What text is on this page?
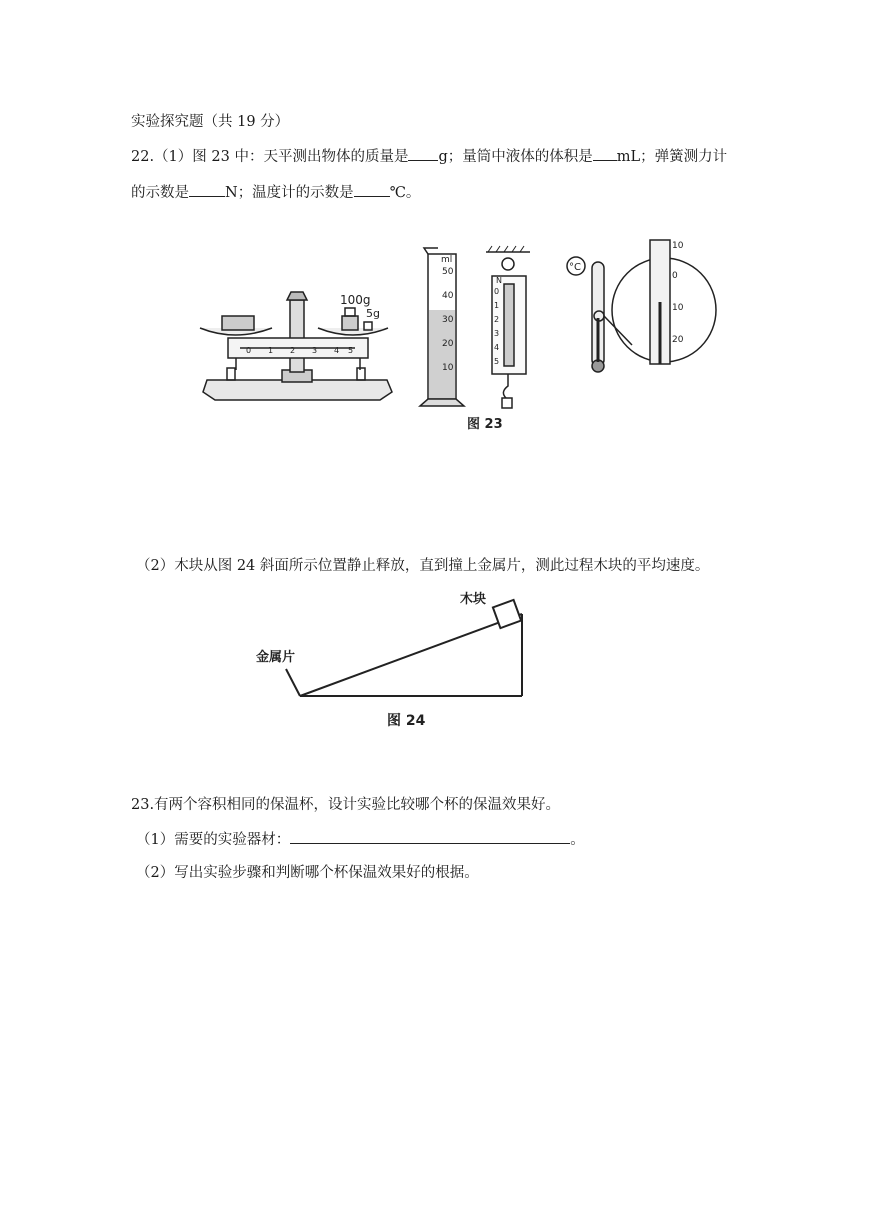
实验探究题（共 19 分）
22.（1）图 23 中：天平测出物体的质量是 g；量筒中液体的体积是 mL；弹簧测力计
的示数是 N；温度计的示数是 ℃。
100g
5g
0 1 2 3 4 5
ml
50
40
30
20
10
N
0
1
2
3
4
5
°C
10
0
10
20
图 23
（2）木块从图 24 斜面所示位置静止释放，直到撞上金属片，测此过程木块的平均速度。
木块
金属片
图 24
23.有两个容积相同的保温杯，设计实验比较哪个杯的保温效果好。
（1）需要的实验器材：	。
（2）写出实验步骤和判断哪个杯保温效果好的根据。
